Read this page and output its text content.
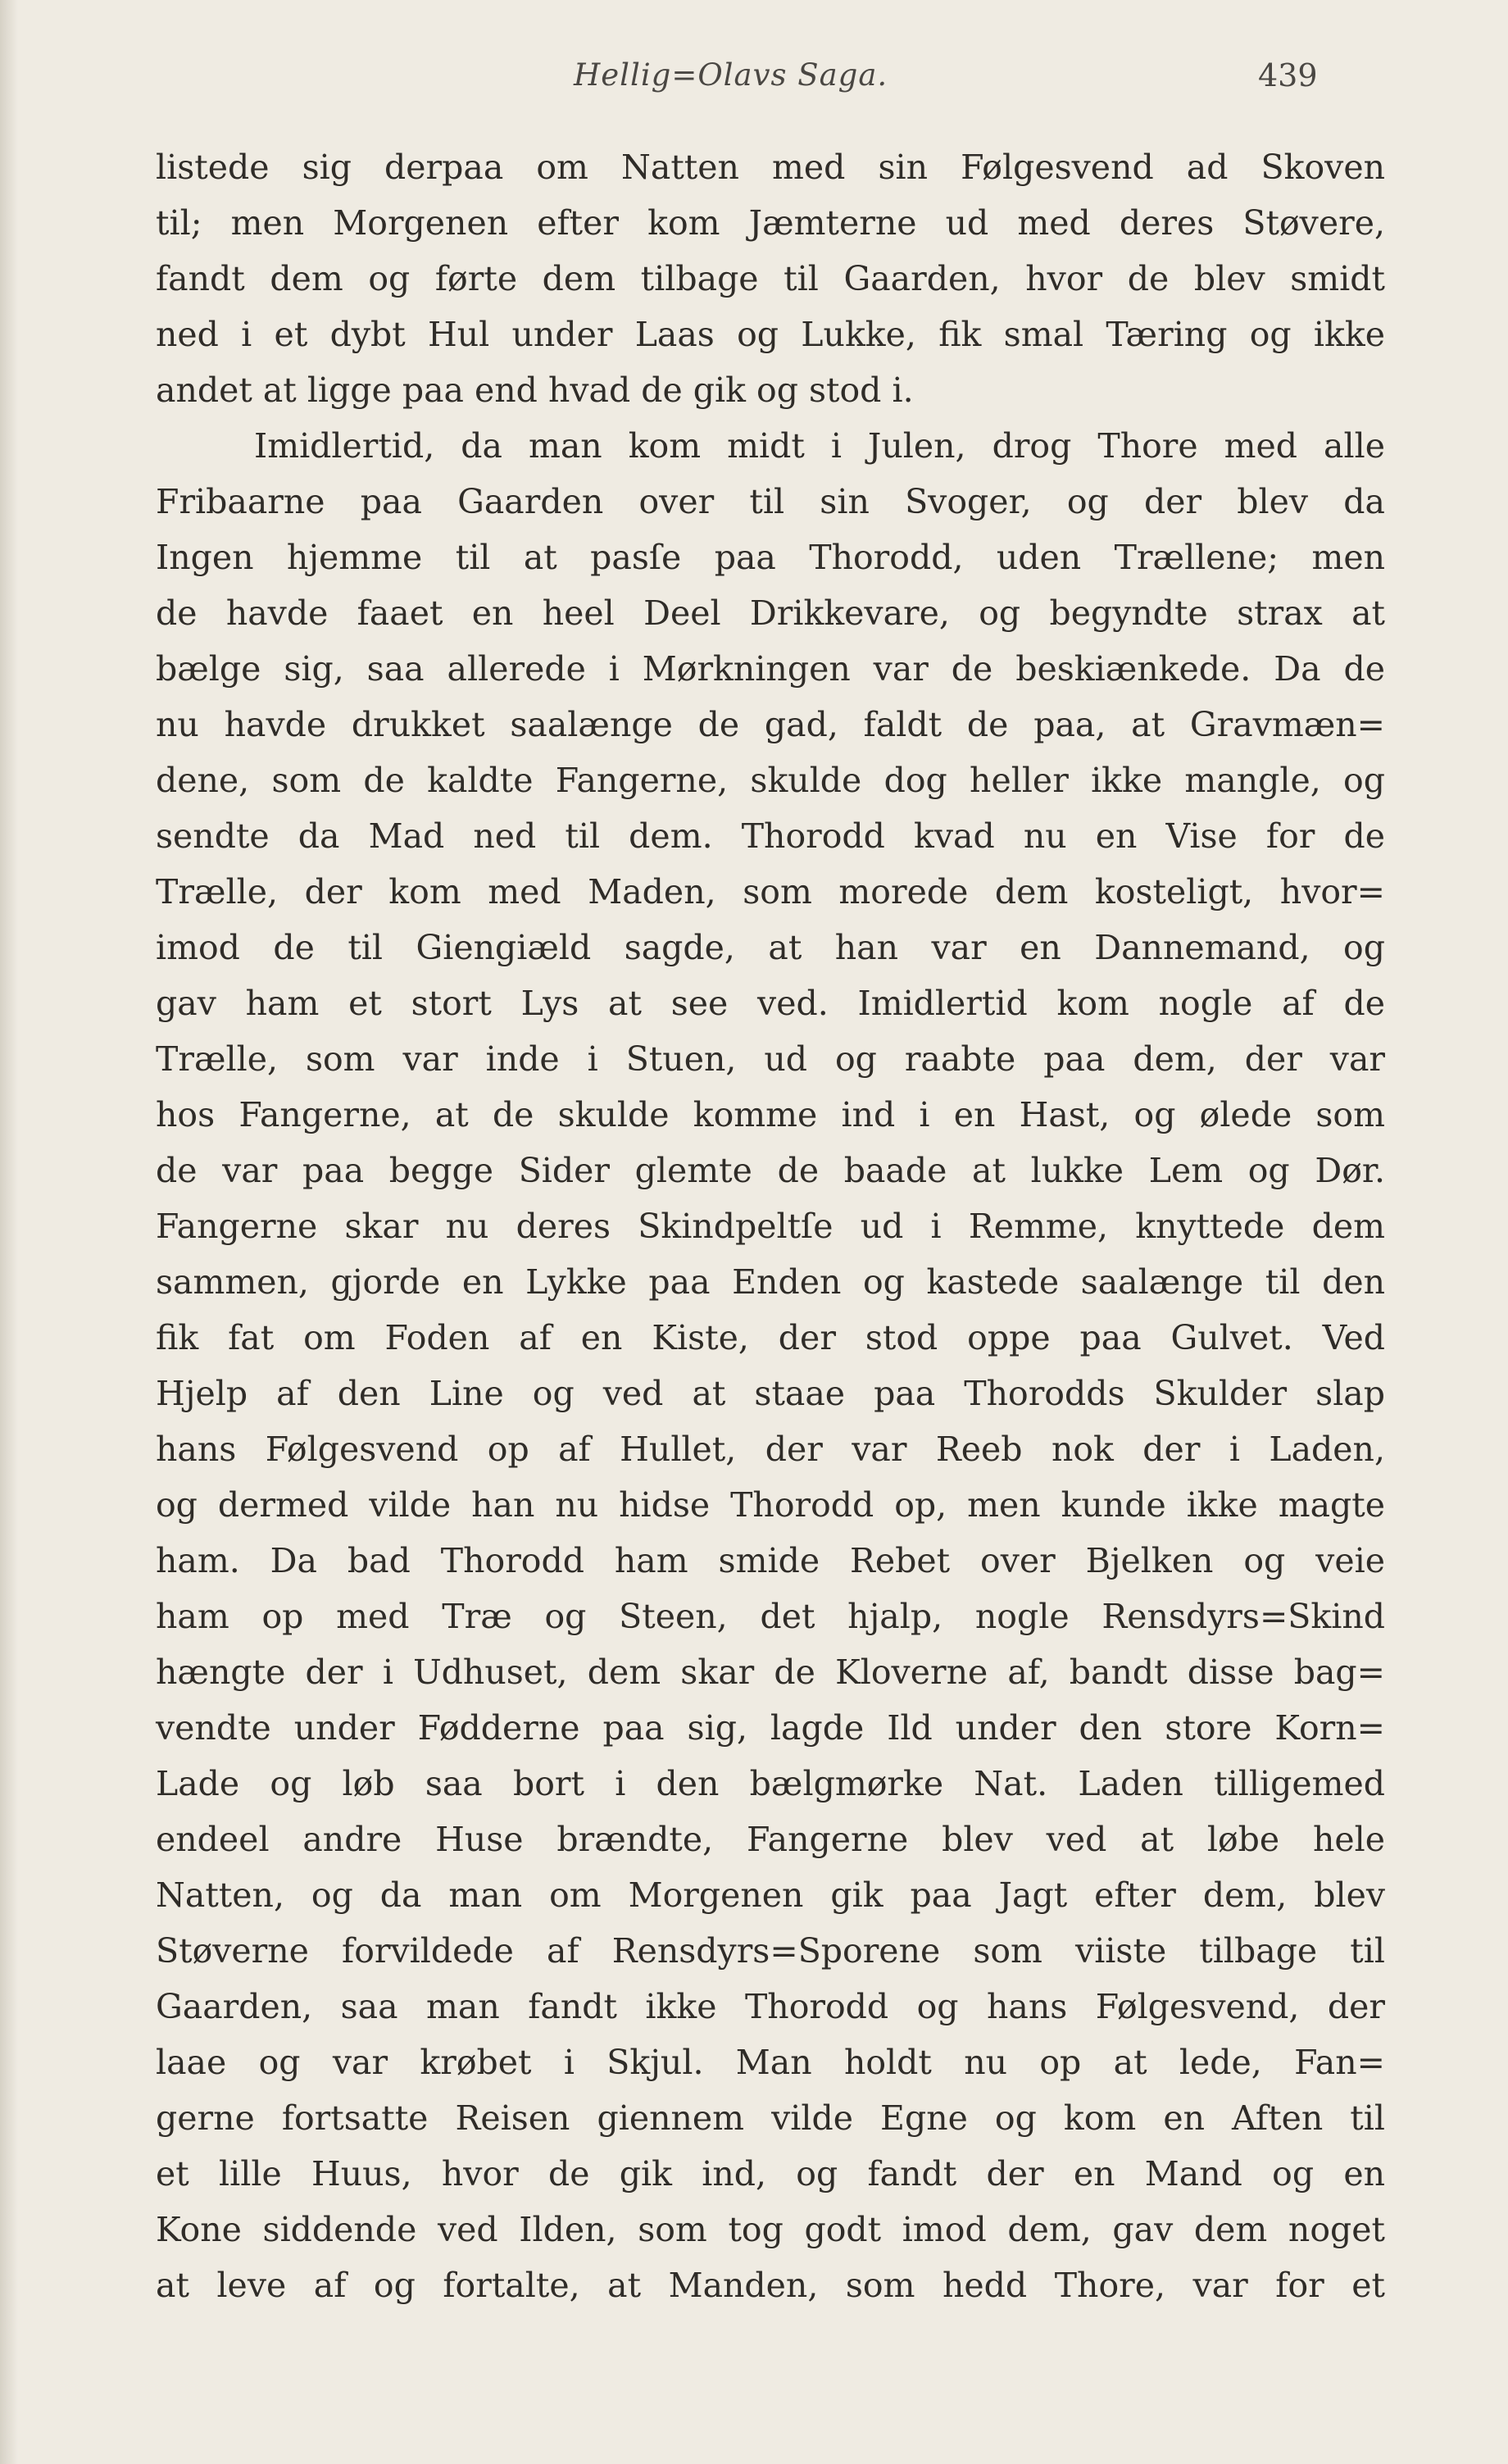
Hellig=Olavs Saga.	439
listede sig derpaa om Natten med sin Følgesvend ad Skoven
til; men Morgenen efter kom Jæmterne ud med deres Støvere,
fandt dem og førte dem tilbage til Gaarden, hvor de blev smidt
ned i et dybt Hul under Laas og Lukke, fik smal Tæring og ikke
andet at ligge paa end hvad de gik og stod i.
Imidlertid, da man kom midt i Julen, drog Thore med alle
Fribaarne paa Gaarden over til sin Svoger, og der blev da
Ingen hjemme til at pasſe paa Thorodd, uden Trællene; men
de havde faaet en heel Deel Drikkevare, og begyndte strax at
bælge sig, saa allerede i Mørkningen var de beskiænkede. Da de
nu havde drukket saalænge de gad, faldt de paa, at Gravmæn=
dene, som de kaldte Fangerne, skulde dog heller ikke mangle, og
sendte da Mad ned til dem. Thorodd kvad nu en Vise for de
Trælle, der kom med Maden, som morede dem kosteligt, hvor=
imod de til Giengiæld sagde, at han var en Dannemand, og
gav ham et stort Lys at see ved. Imidlertid kom nogle af de
Trælle, som var inde i Stuen, ud og raabte paa dem, der var
hos Fangerne, at de skulde komme ind i en Hast, og ølede som
de var paa begge Sider glemte de baade at lukke Lem og Dør.
Fangerne skar nu deres Skindpeltſe ud i Remme, knyttede dem
sammen, gjorde en Lykke paa Enden og kastede saalænge til den
fik fat om Foden af en Kiste, der stod oppe paa Gulvet. Ved
Hjelp af den Line og ved at staae paa Thorodds Skulder slap
hans Følgesvend op af Hullet, der var Reeb nok der i Laden,
og dermed vilde han nu hidse Thorodd op, men kunde ikke magte
ham. Da bad Thorodd ham smide Rebet over Bjelken og veie
ham op med Træ og Steen, det hjalp, nogle Rensdyrs=Skind
hængte der i Udhuset, dem skar de Kloverne af, bandt disse bag=
vendte under Fødderne paa sig, lagde Ild under den store Korn=
Lade og løb saa bort i den bælgmørke Nat. Laden tilligemed
endeel andre Huse brændte, Fangerne blev ved at løbe hele
Natten, og da man om Morgenen gik paa Jagt efter dem, blev
Støverne forvildede af Rensdyrs=Sporene som viiste tilbage til
Gaarden, saa man fandt ikke Thorodd og hans Følgesvend, der
laae og var krøbet i Skjul. Man holdt nu op at lede, Fan=
gerne fortsatte Reisen giennem vilde Egne og kom en Aften til
et lille Huus, hvor de gik ind, og fandt der en Mand og en
Kone siddende ved Ilden, som tog godt imod dem, gav dem noget
at leve af og fortalte, at Manden, som hedd Thore, var for et
